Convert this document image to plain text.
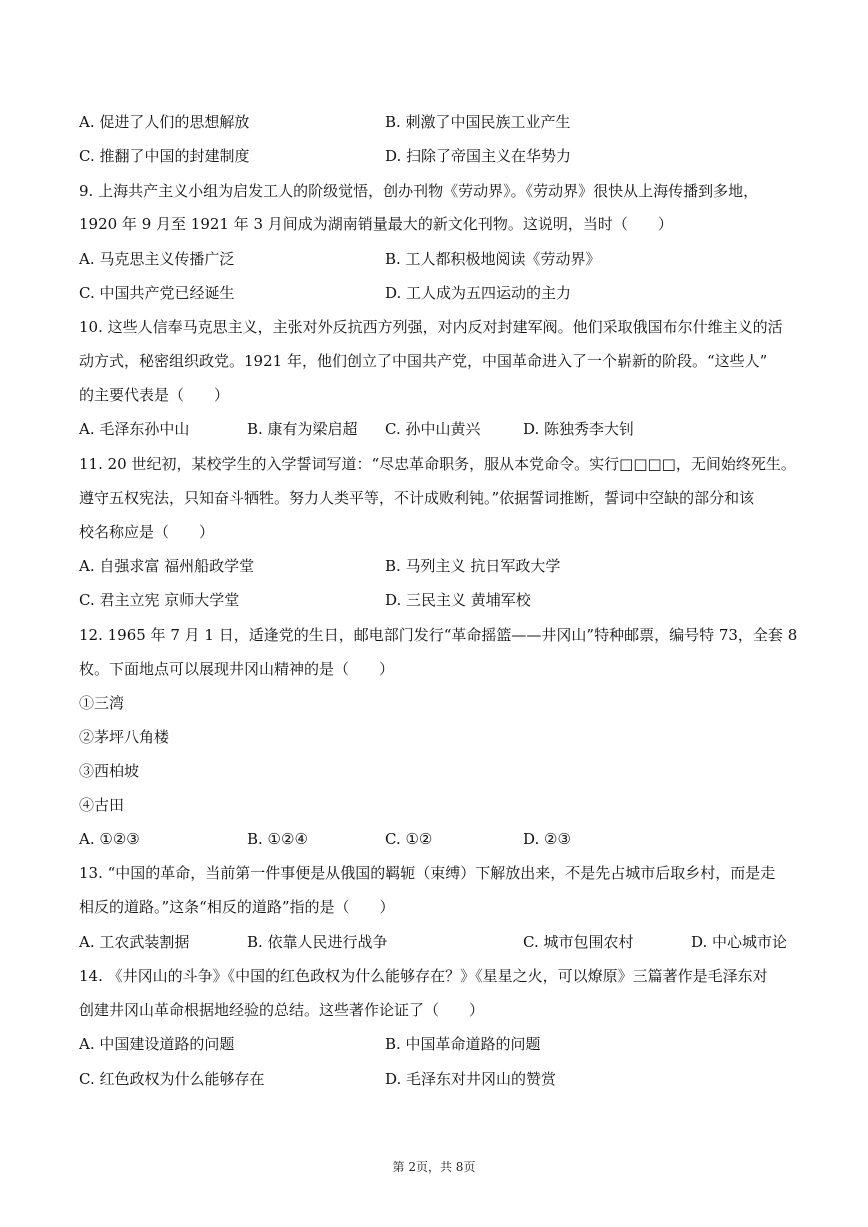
A. 促进了人们的思想解放	B. 刺激了中国民族工业产生
C. 推翻了中国的封建制度	D. 扫除了帝国主义在华势力
9. 上海共产主义小组为启发工人的阶级觉悟，创办刊物《劳动界》。《劳动界》很快从上海传播到多地，
1920 年 9 月至 1921 年 3 月间成为湖南销量最大的新文化刊物。这说明，当时（　　）
A. 马克思主义传播广泛	B. 工人都积极地阅读《劳动界》
C. 中国共产党已经诞生	D. 工人成为五四运动的主力
10. 这些人信奉马克思主义，主张对外反抗西方列强，对内反对封建军阀。他们采取俄国布尔什维主义的活
动方式，秘密组织政党。1921 年，他们创立了中国共产党，中国革命进入了一个崭新的阶段。“这些人”
的主要代表是（　　）
A. 毛泽东孙中山	B. 康有为梁启超 C. 孙中山黄兴	D. 陈独秀李大钊
11. 20 世纪初，某校学生的入学誓词写道：“尽忠革命职务，服从本党命令。实行□□□□，无间始终死生。
遵守五权宪法，只知奋斗牺牲。努力人类平等，不计成败利钝。”依据誓词推断，誓词中空缺的部分和该
校名称应是（　　）
A. 自强求富 福州船政学堂	B. 马列主义 抗日军政大学
C. 君主立宪 京师大学堂	D. 三民主义 黄埔军校
12. 1965 年 7 月 1 日，适逢党的生日，邮电部门发行“革命摇篮——井冈山”特种邮票，编号特 73，全套 8
枚。下面地点可以展现井冈山精神的是（　　）
①三湾
②茅坪八角楼
③西柏坡
④古田
A. ①②③	B. ①②④	C. ①②	D. ②③
13. “中国的革命，当前第一件事便是从俄国的羁轭（束缚）下解放出来，不是先占城市后取乡村，而是走
相反的道路。”这条“相反的道路”指的是（　　）
A. 工农武装割据	B. 依靠人民进行战争	C. 城市包围农村	D. 中心城市论
14. 《井冈山的斗争》《中国的红色政权为什么能够存在？》《星星之火，可以燎原》三篇著作是毛泽东对
创建井冈山革命根据地经验的总结。这些著作论证了（　　）
A. 中国建设道路的问题	B. 中国革命道路的问题
C. 红色政权为什么能够存在	D. 毛泽东对井冈山的赞赏
第 2页，共 8页
